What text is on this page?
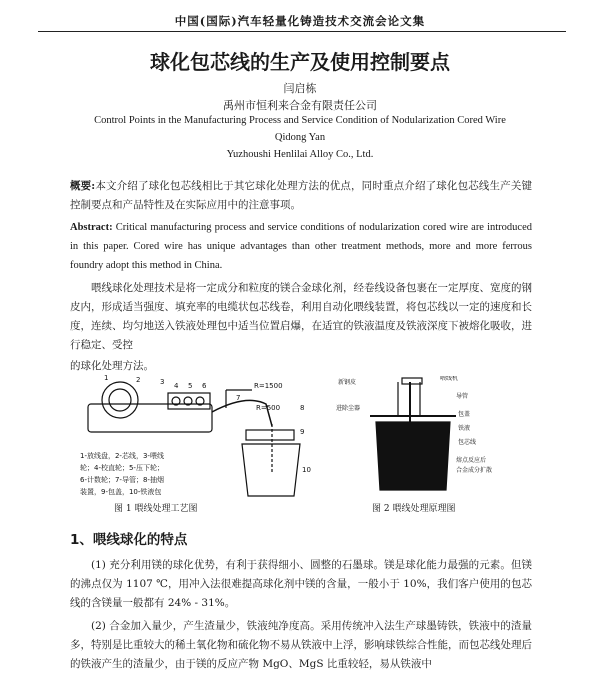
中国(国际)汽车轻量化铸造技术交流会论文集
球化包芯线的生产及使用控制要点
闫启栋
禹州市恒利来合金有限责任公司
Control Points in the Manufacturing Process and Service Condition of Nodularization Cored Wire
Qidong Yan
Yuzhoushi Henlilai Alloy Co., Ltd.
概要:本文介绍了球化包芯线相比于其它球化处理方法的优点，同时重点介绍了球化包芯线生产关键控制要点和产品特性及在实际应用中的注意事项。
Abstract: Critical manufacturing process and service conditions of nodularization cored wire are introduced in this paper. Cored wire has unique advantages than other treatment methods, more and more ferrous foundry adopt this method in China.
喂线球化处理技术是将一定成分和粒度的镁合金球化剂，经卷线设备包裹在一定厚度、宽度的钢皮内，形成适当强度、填充率的电缆状包芯线卷，利用自动化喂线装置，将包芯线以一定的速度和长度，连续、均匀地送入铁液处理包中适当位置启爆，在适宜的铁液温度及铁液深度下被熔化吸收，进行稳定、受控
的球化处理方法。
1	2	3 4 5 6
7
8
9
10
R=1500
R=500
1-放线盘，2-芯线，3-喂线
轮；4-校直轮；5-压下轮；
6-计数轮；7-导管；8-抽烟
装置，9-包盖，10-铁液包
新钢皮
进除尘器
喂线机
导管
包盖
铁液
包芯线
熔点反应后
合金成分扩散
图 1 喂线处理工艺图	图 2 喂线处理原理图
1、喂线球化的特点
(1) 充分利用镁的球化优势，有利于获得细小、圆整的石墨球。镁是球化能力最强的元素。但镁的沸点仅为 1107 ℃，用冲入法很难提高球化剂中镁的含量，一般小于 10%，我们客户使用的包芯线的含镁量一般都有 24% - 31%。
(2) 合金加入量少，产生渣量少，铁液纯净度高。采用传统冲入法生产球墨铸铁，铁液中的渣量多，特别是比重较大的稀土氧化物和硫化物不易从铁液中上浮，影响球铁综合性能，而包芯线处理后的铁液产生的渣量少，由于镁的反应产物 MgO、MgS 比重较轻，易从铁液中
